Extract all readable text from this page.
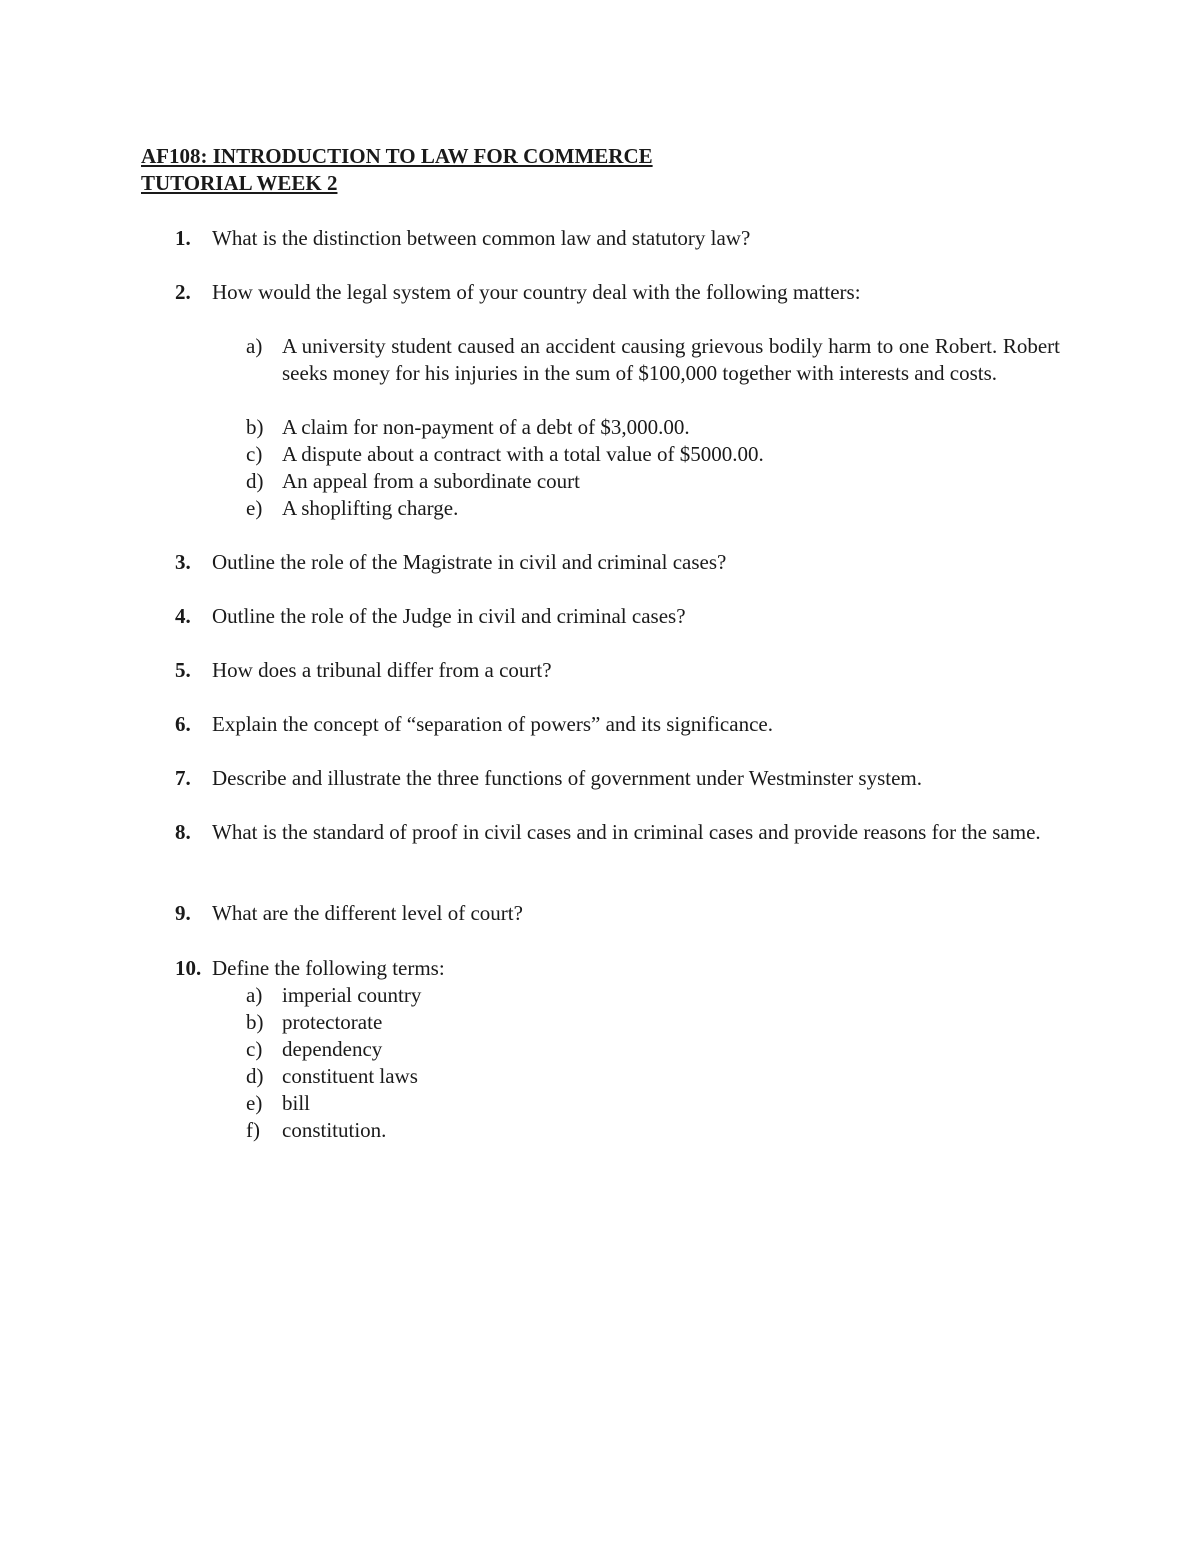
AF108: INTRODUCTION TO LAW FOR COMMERCE
TUTORIAL WEEK 2
1. What is the distinction between common law and statutory law?
2. How would the legal system of your country deal with the following matters:
a) A university student caused an accident causing grievous bodily harm to one Robert. Robert seeks money for his injuries in the sum of $100,000 together with interests and costs.
b) A claim for non-payment of a debt of $3,000.00.
c) A dispute about a contract with a total value of $5000.00.
d) An appeal from a subordinate court
e) A shoplifting charge.
3. Outline the role of the Magistrate in civil and criminal cases?
4. Outline the role of the Judge in civil and criminal cases?
5. How does a tribunal differ from a court?
6. Explain the concept of “separation of powers” and its significance.
7. Describe and illustrate the three functions of government under Westminster system.
8. What is the standard of proof in civil cases and in criminal cases and provide reasons for the same.
9. What are the different level of court?
10. Define the following terms:
a) imperial country
b) protectorate
c) dependency
d) constituent laws
e) bill
f) constitution.
